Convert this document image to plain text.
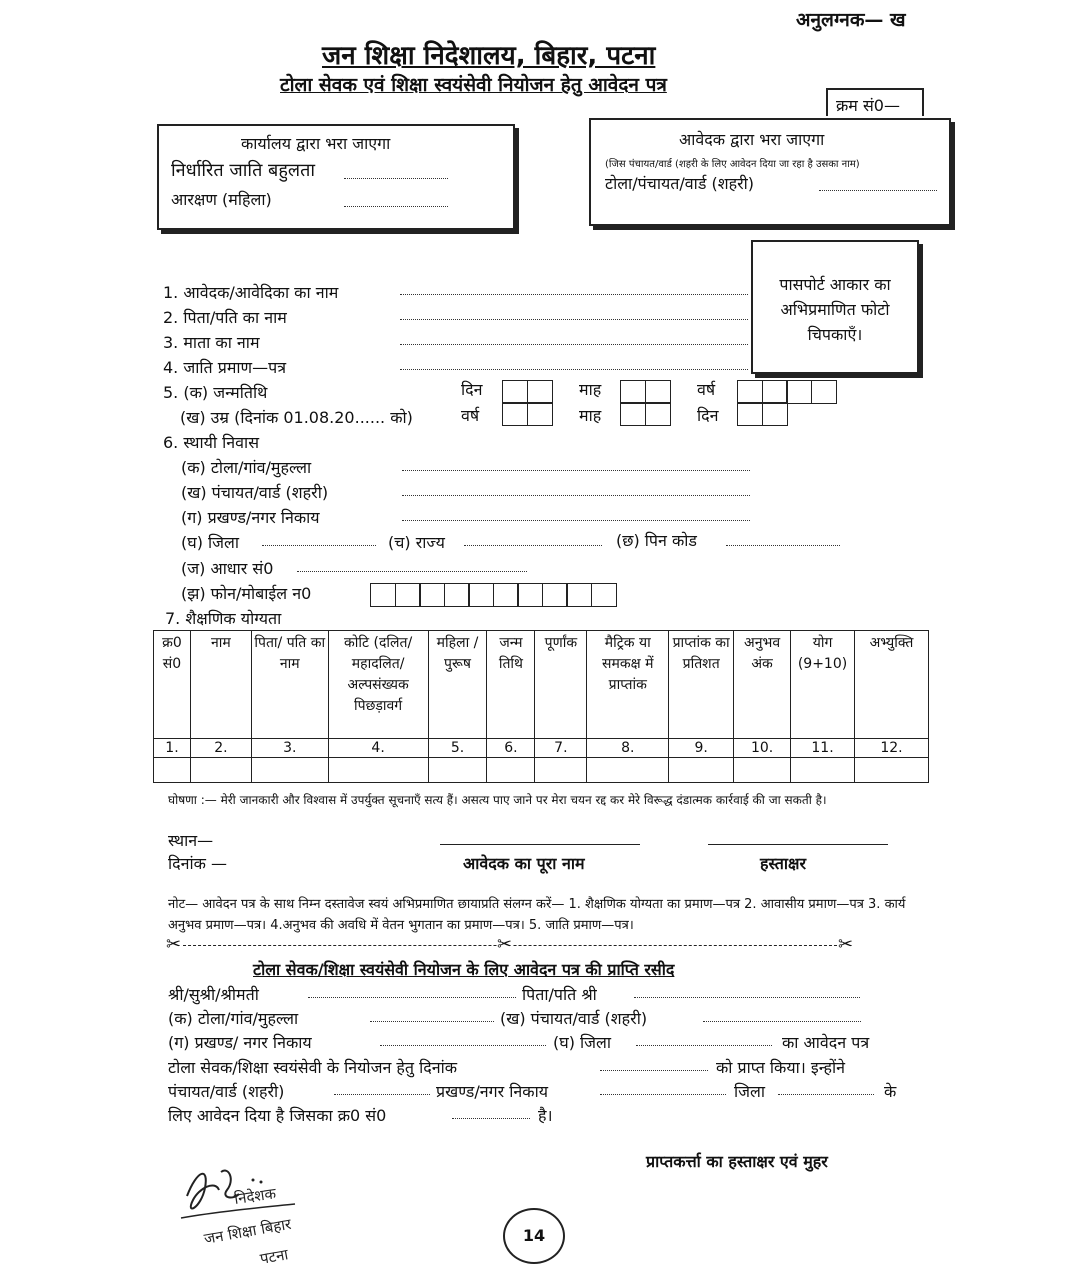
अनुलग्नक— ख
जन शिक्षा निदेशालय, बिहार, पटना
टोला सेवक एवं शिक्षा स्वयंसेवी नियोजन हेतु आवेदन पत्र
क्रम सं0—
कार्यालय द्वारा भरा जाएगा
निर्धारित जाति बहुलता
आरक्षण (महिला)
आवेदक द्वारा भरा जाएगा
(जिस पंचायत/वार्ड (शहरी के लिए आवेदन दिया जा रहा है उसका नाम)
टोला/पंचायत/वार्ड (शहरी)
पासपोर्ट आकार का अभिप्रमाणित फोटो चिपकाएँ।
1. आवेदक/आवेदिका का नाम
2. पिता/पति का नाम
3. माता का नाम
4. जाति प्रमाण—पत्र
5. (क) जन्मतिथि
(ख) उम्र (दिनांक 01.08.20...... को)
दिन
वर्ष
माह
माह
वर्ष
दिन
6. स्थायी निवास
(क) टोला/गांव/मुहल्ला
(ख) पंचायत/वार्ड (शहरी)
(ग) प्रखण्ड/नगर निकाय
(घ) जिला	(च) राज्य	(छ) पिन कोड
(ज) आधार सं0
(झ) फोन/मोबाईल न0
7. शैक्षणिक योग्यता
क्र0 सं0	नाम	पिता/ पति का नाम	कोटि (दलित/ महादलित/ अल्पसंख्यक पिछड़ावर्ग	महिला / पुरूष	जन्म तिथि	पूर्णांक	मैट्रिक या समकक्ष में प्राप्तांक	प्राप्तांक का प्रतिशत	अनुभव अंक	योग (9+10)	अभ्युक्ति
1.	2.	3.	4.	5.	6.	7.	8.	9.	10.	11.	12.

घोषणा :— मेरी जानकारी और विश्वास में उपर्युक्त सूचनाएँ सत्य हैं। असत्य पाए जाने पर मेरा चयन रद्द कर मेरे विरूद्ध दंडात्मक कार्रवाई की जा सकती है।
स्थान—
दिनांक —	आवेदक का पूरा नाम	हस्ताक्षर
नोट— आवेदन पत्र के साथ निम्न दस्तावेज स्वयं अभिप्रमाणित छायाप्रति संलग्न करें— 1. शैक्षणिक योग्यता का प्रमाण—पत्र 2. आवासीय प्रमाण—पत्र 3. कार्य अनुभव प्रमाण—पत्र। 4.अनुभव की अवधि में वेतन भुगतान का प्रमाण—पत्र। 5. जाति प्रमाण—पत्र।
✂	✂	✂
टोला सेवक/शिक्षा स्वयंसेवी नियोजन के लिए आवेदन पत्र की प्राप्ति रसीद
श्री/सुश्री/श्रीमती	पिता/पति श्री
(क) टोला/गांव/मुहल्ला	(ख) पंचायत/वार्ड (शहरी)
(ग) प्रखण्ड/ नगर निकाय	(घ) जिला	का आवेदन पत्र
टोला सेवक/शिक्षा स्वयंसेवी के नियोजन हेतु दिनांक	को प्राप्त किया। इन्होंने
पंचायत/वार्ड (शहरी)	प्रखण्ड/नगर निकाय	जिला	के
लिए आवेदन दिया है जिसका क्र0 सं0	है।
प्राप्तकर्त्ता का हस्ताक्षर एवं मुहर
निदेशक
जन शिक्षा बिहार
पटना
14
